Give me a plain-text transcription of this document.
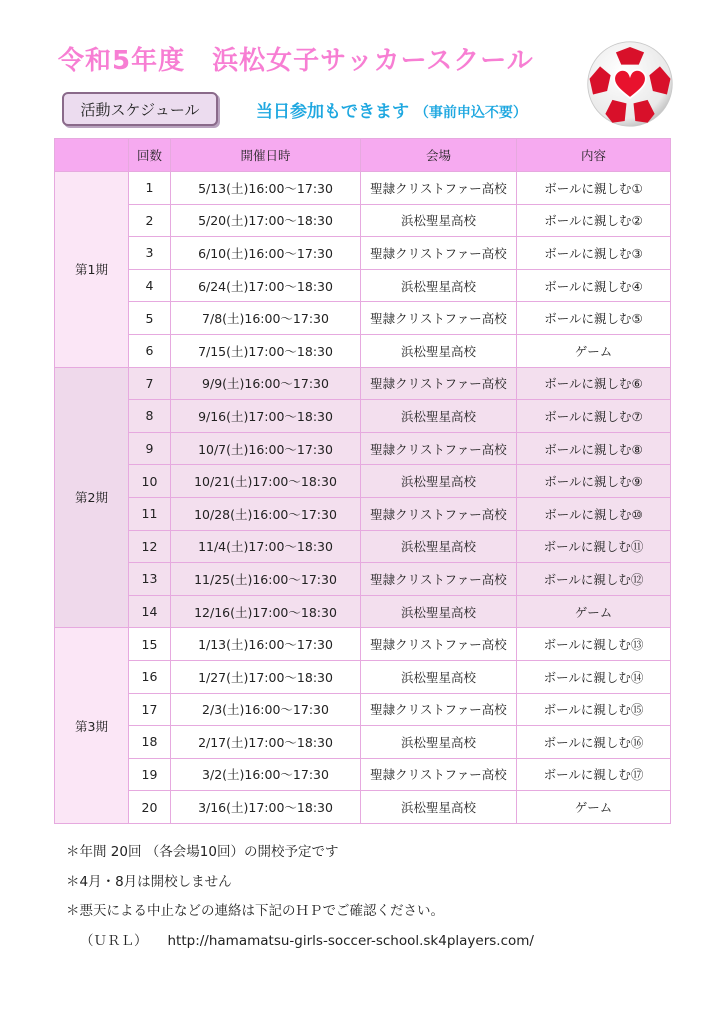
令和5年度　浜松女子サッカースクール
活動スケジュール	当日参加もできます （事前申込不要）
	回数	開催日時	会場	内容
第1期	1	5/13(土)16:00～17:30	聖隷クリストファー高校	ボールに親しむ①
	2	5/20(土)17:00～18:30	浜松聖星高校	ボールに親しむ②
	3	6/10(土)16:00～17:30	聖隷クリストファー高校	ボールに親しむ③
	4	6/24(土)17:00～18:30	浜松聖星高校	ボールに親しむ④
	5	7/8(土)16:00～17:30	聖隷クリストファー高校	ボールに親しむ⑤
	6	7/15(土)17:00～18:30	浜松聖星高校	ゲーム
第2期	7	9/9(土)16:00～17:30	聖隷クリストファー高校	ボールに親しむ⑥
	8	9/16(土)17:00～18:30	浜松聖星高校	ボールに親しむ⑦
	9	10/7(土)16:00～17:30	聖隷クリストファー高校	ボールに親しむ⑧
	10	10/21(土)17:00～18:30	浜松聖星高校	ボールに親しむ⑨
	11	10/28(土)16:00～17:30	聖隷クリストファー高校	ボールに親しむ⑩
	12	11/4(土)17:00～18:30	浜松聖星高校	ボールに親しむ⑪
	13	11/25(土)16:00～17:30	聖隷クリストファー高校	ボールに親しむ⑫
	14	12/16(土)17:00～18:30	浜松聖星高校	ゲーム
第3期	15	1/13(土)16:00～17:30	聖隷クリストファー高校	ボールに親しむ⑬
	16	1/27(土)17:00～18:30	浜松聖星高校	ボールに親しむ⑭
	17	2/3(土)16:00～17:30	聖隷クリストファー高校	ボールに親しむ⑮
	18	2/17(土)17:00～18:30	浜松聖星高校	ボールに親しむ⑯
	19	3/2(土)16:00～17:30	聖隷クリストファー高校	ボールに親しむ⑰
	20	3/16(土)17:00～18:30	浜松聖星高校	ゲーム
＊年間 20回 （各会場10回）の開校予定です
＊4月・8月は開校しません
＊悪天による中止などの連絡は下記のＨＰでご確認ください。
（ＵＲＬ） http://hamamatsu-girls-soccer-school.sk4players.com/
